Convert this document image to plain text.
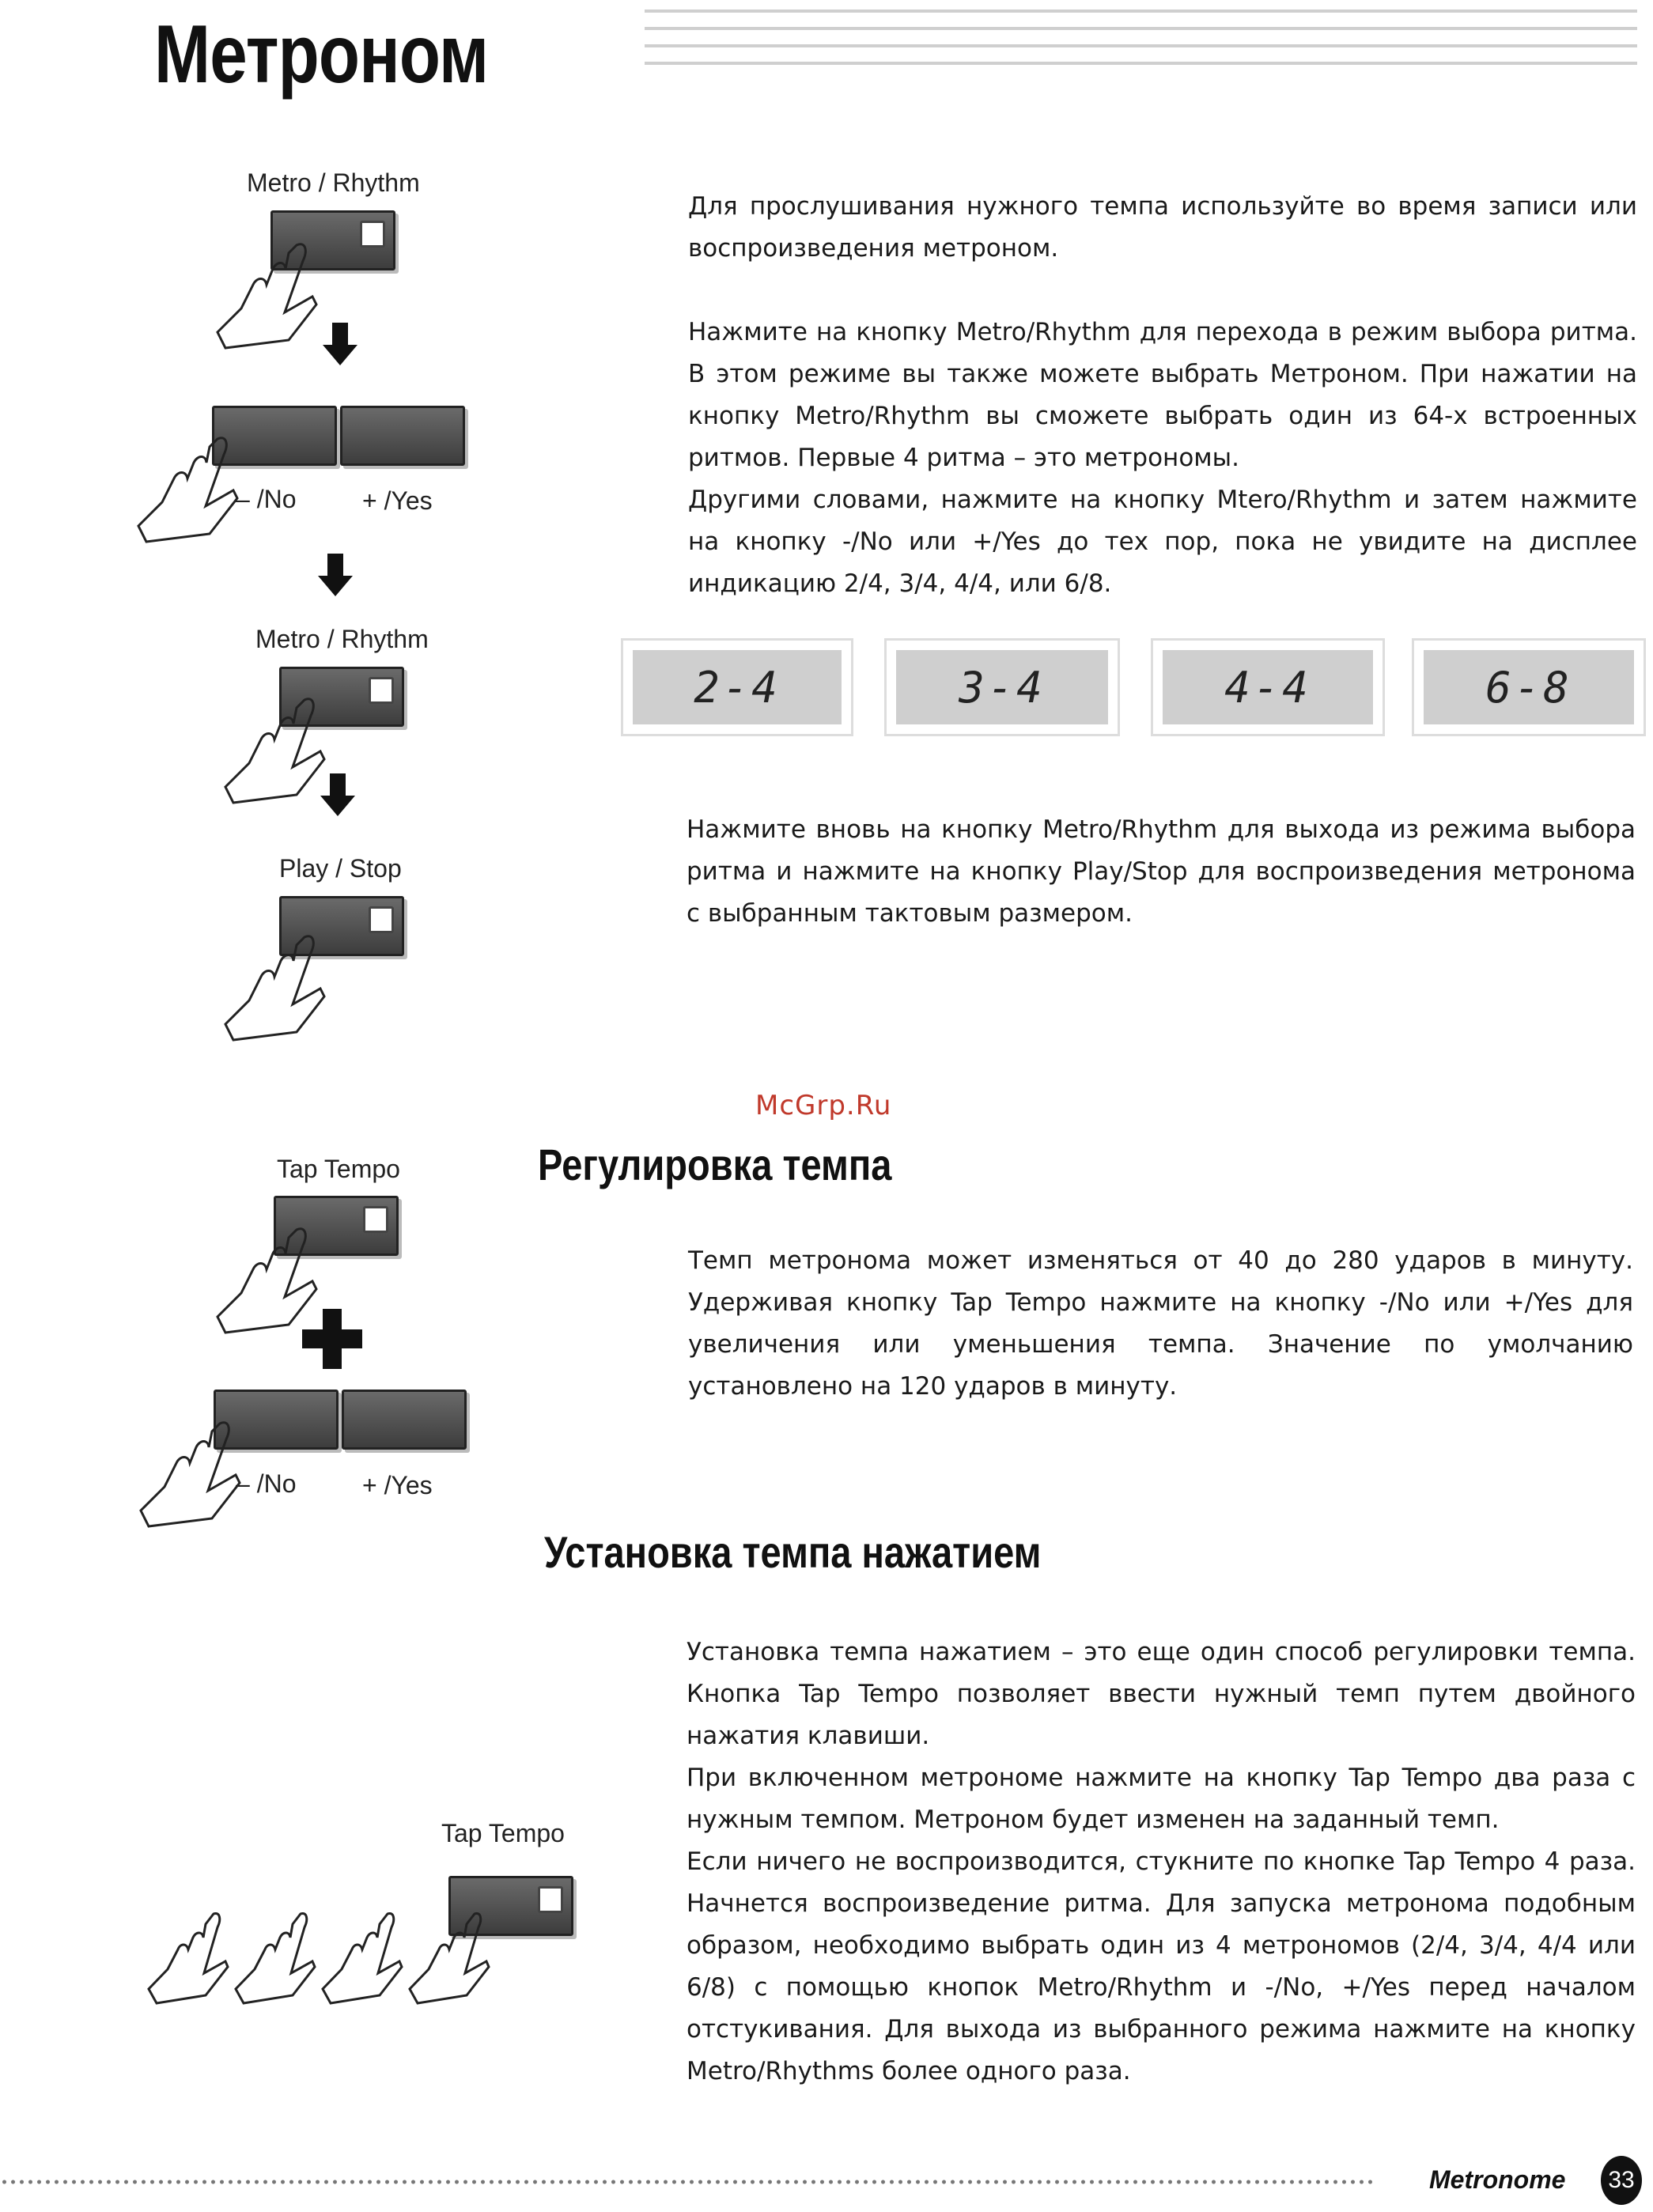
Метроном
Metro / Rhythm
– /No	+ /Yes
Metro / Rhythm
Play / Stop

Для прослушивания нужного темпа используйте во время записи или воспроизведения метроном.

Нажмите на кнопку Metro/Rhythm для перехода в режим выбора ритма. В этом режиме вы также можете выбрать Метроном. При нажатии на кнопку Metro/Rhythm вы сможете выбрать один из 64-х встроенных ритмов. Первые 4 ритма – это метрономы.

Другими словами, нажмите на кнопку Mtero/Rhythm и затем нажмите на кнопку -/No или +/Yes до тех пор, пока не увидите на дисплее индикацию 2/4, 3/4, 4/4, или 6/8.

2-4	3-4	4-4	6-8

Нажмите вновь на кнопку Metro/Rhythm для выхода из режима выбора ритма и нажмите на кнопку Play/Stop для воспроизведения метронома с выбранным тактовым размером.

McGrp.Ru
Регулировка темпа
Tap Tempo
– /No	+ /Yes

Темп метронома может изменяться от 40 до 280 ударов в минуту. Удерживая кнопку Tap Tempo нажмите на кнопку -/No или +/Yes для увеличения или уменьшения темпа. Значение по умолчанию установлено на 120 ударов в минуту.

Установка темпа нажатием
Tap Tempo

Установка темпа нажатием – это еще один способ регулировки темпа. Кнопка Tap Tempo позволяет ввести нужный темп путем двойного нажатия клавиши.

При включенном метрономе нажмите на кнопку Tap Tempo два раза с нужным темпом. Метроном будет изменен на заданный темп.

Если ничего не воспроизводится, стукните по кнопке Tap Tempo 4 раза. Начнется воспроизведение ритма. Для запуска метронома подобным образом, необходимо выбрать один из 4 метрономов (2/4, 3/4, 4/4 или 6/8) с помощью кнопок Metro/Rhythm и -/No, +/Yes перед началом отстукивания. Для выхода из выбранного режима нажмите на кнопку Metro/Rhythms более одного раза.

Metronome	33
